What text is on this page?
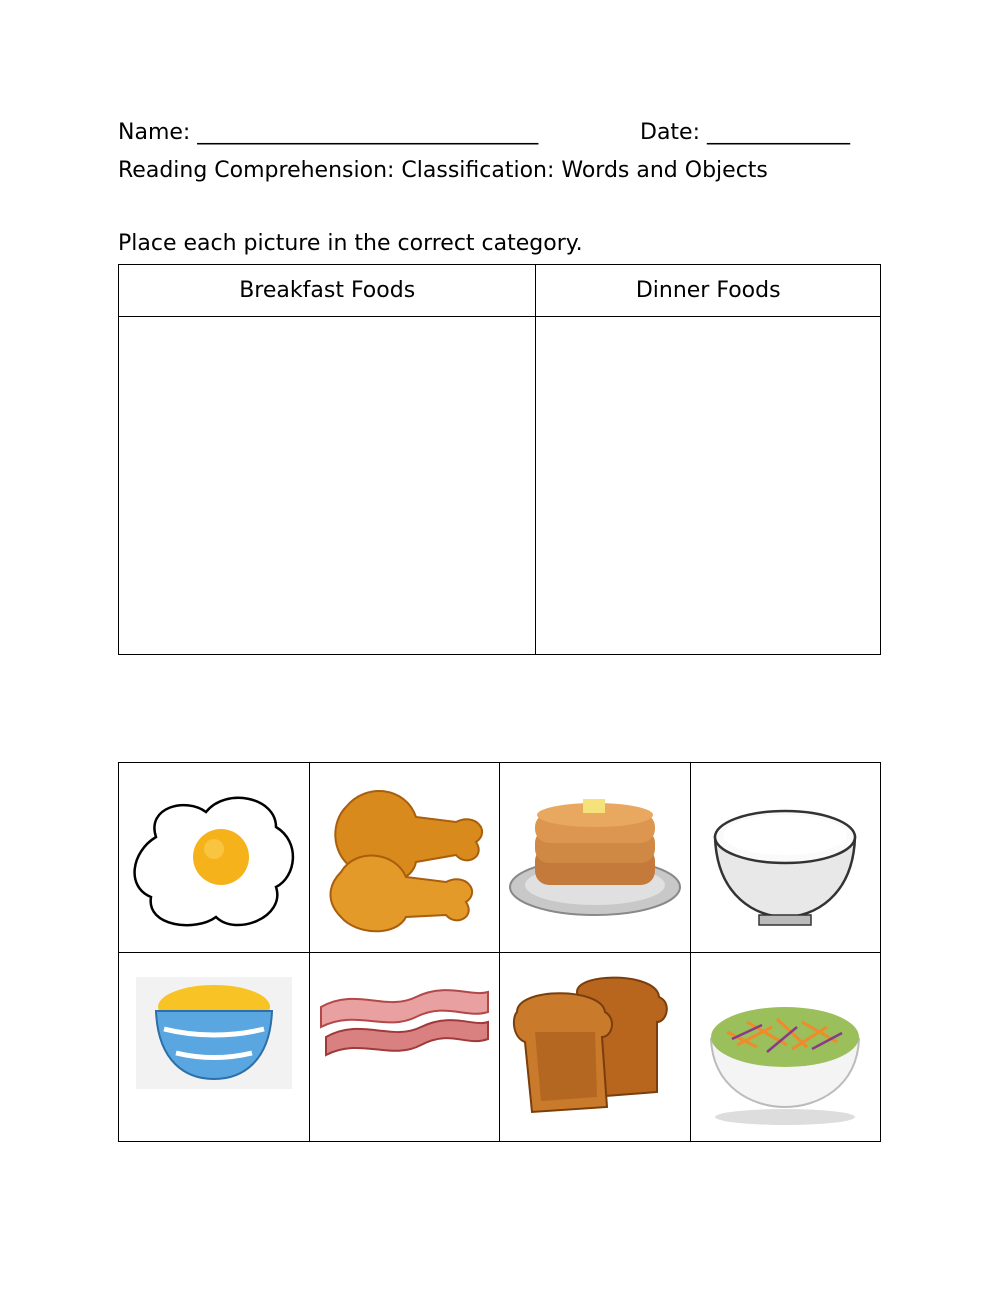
Name: _______________________________	Date: _____________
Reading Comprehension: Classification: Words and Objects
Place each picture in the correct category.
Breakfast Foods	Dinner Foods
